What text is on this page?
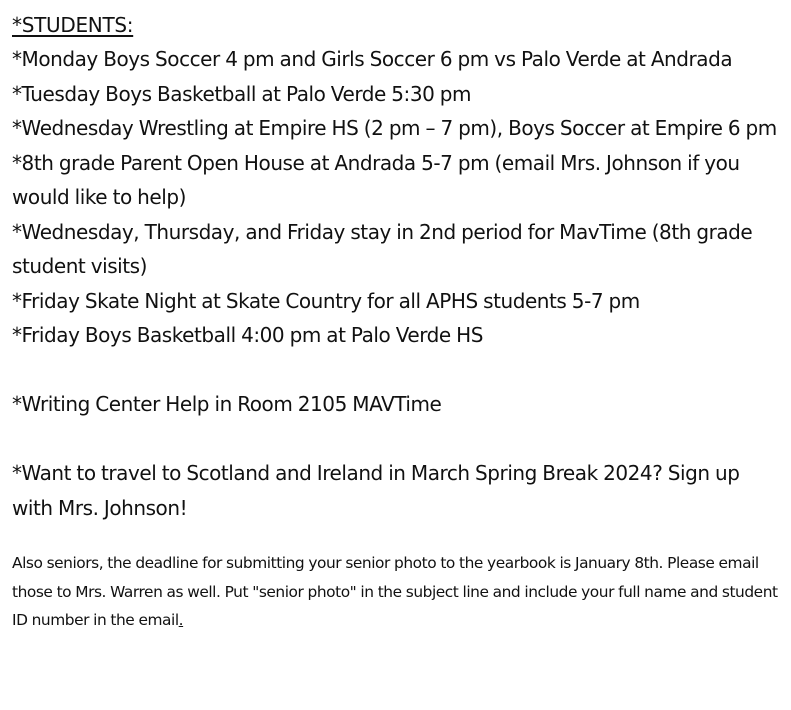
*STUDENTS:

*Monday Boys Soccer 4 pm and Girls Soccer 6 pm vs Palo Verde at Andrada

*Tuesday Boys Basketball at Palo Verde 5:30 pm

*Wednesday Wrestling at Empire HS (2 pm – 7 pm), Boys Soccer at Empire 6 pm

*8th grade Parent Open House at Andrada 5-7 pm (email Mrs. Johnson if you would like to help)

*Wednesday, Thursday, and Friday stay in 2nd period for MavTime (8th grade student visits)

*Friday Skate Night at Skate Country for all APHS students 5-7 pm

*Friday Boys Basketball 4:00 pm at Palo Verde HS

*Writing Center Help in Room 2105 MAVTime

*Want to travel to Scotland and Ireland in March Spring Break 2024? Sign up with Mrs. Johnson!

Also seniors, the deadline for submitting your senior photo to the yearbook is January 8th. Please email those to Mrs. Warren as well. Put "senior photo" in the subject line and include your full name and student ID number in the email.
